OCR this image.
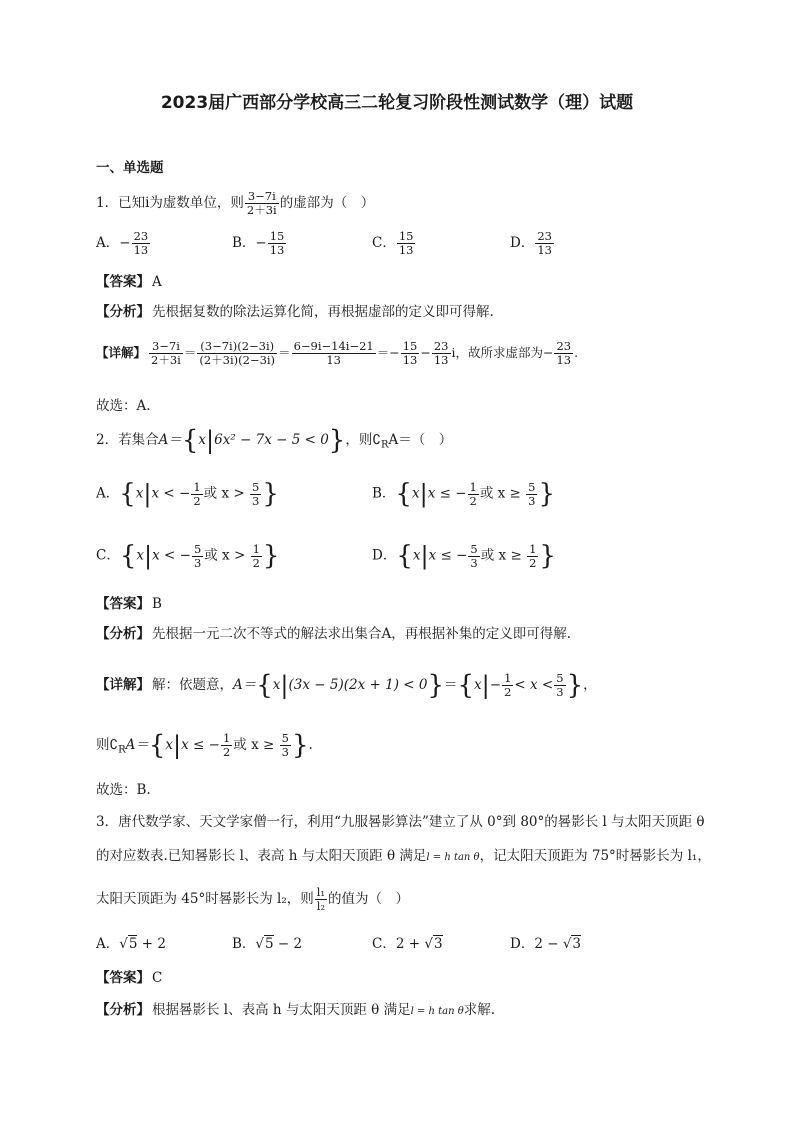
2023届广西部分学校高三二轮复习阶段性测试数学（理）试题
一、单选题
1．已知i为虚数单位，则 $\frac{3-7i}{2+3i}$ 的虚部为（　）
A．− $\frac{23}{13}$	B．− $\frac{15}{13}$	C． $\frac{15}{13}$	D． $\frac{23}{13}$
【答案】 A
【分析】 先根据复数的除法运算化简，再根据虚部的定义即可得解.
【详解】 $\frac{3-7i}{2+3i} = \frac{(3-7i)(2-3i)}{(2+3i)(2-3i)} = \frac{6-9i-14i-21}{13} =- \frac{15}{13} - \frac{23}{13}$ i，故所求虚部为− $\frac{23}{13}$ .
故选：A.
2．若集合A＝{x|6x² − 7x − 5 < 0}，则$∁_RA=$（　）
A．{x|x < − $\frac{1}{2}$ 或 $x > \frac{5}{3}$ }	B．{x|x ≤ − $\frac{1}{2}$ 或 $x \ge \frac{5}{3}$ }
C．{x|x < − $\frac{5}{3}$ 或 $x > \frac{1}{2}$ }	D．{x|x ≤ − $\frac{5}{3}$ 或 $x \ge \frac{1}{2}$ }
【答案】 B
【分析】 先根据一元二次不等式的解法求出集合A，再根据补集的定义即可得解.
【详解】 解：依题意，$A=\{x|(3x - 5)(2x + 1) < 0\}=\{x|- \frac{1}{2} < x < \frac{5}{3}$ }，
则$∁_RA=\{x|x$ ≤ − $\frac{1}{2}$ 或 $x \ge \frac{5}{3}$ }.
故选：B.
3．唐代数学家、天文学家僧一行，利用“九服晷影算法”建立了从 0°到 80°的晷影长 l 与太阳天顶距 θ
的对应数表.已知晷影长 l、表高 h 与太阳天顶距 θ 满足l = h tan θ，记太阳天顶距为 75°时晷影长为 l₁，
太阳天顶距为 45°时晷影长为 l₂，则 $\frac{\text{l₁}}{\text{l₂}}$ 的值为（　）
A．√5 + 2	B．√5 − 2	C．2 + √3	D．2 − √3
【答案】 C
【分析】 根据晷影长 l、表高 h 与太阳天顶距 θ 满足l = h tan θ求解.
